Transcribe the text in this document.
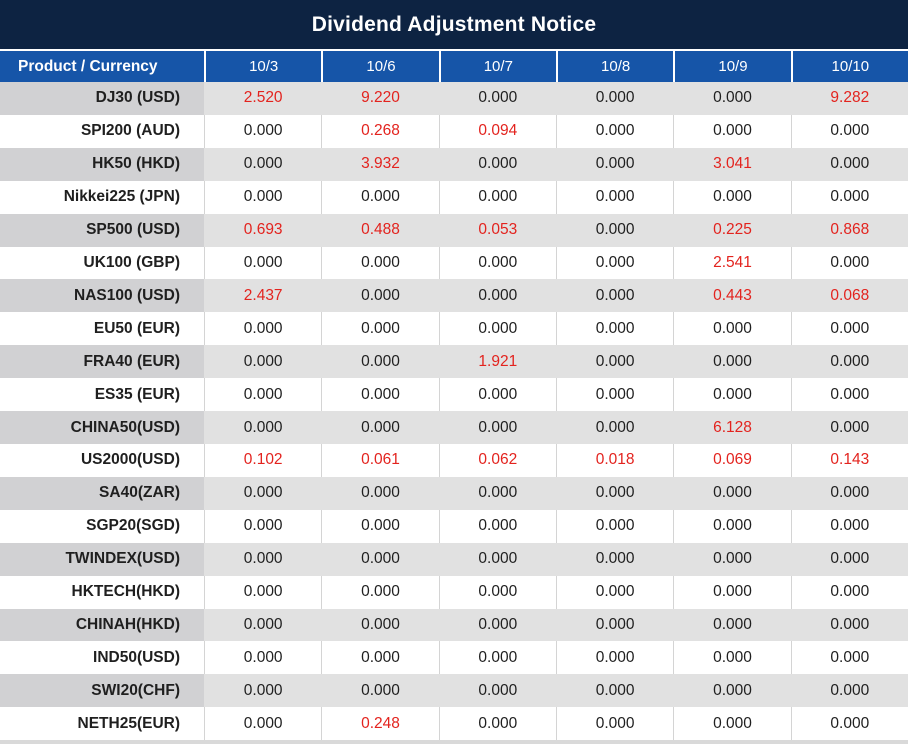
Dividend Adjustment Notice
Product / Currency	10/3	10/6	10/7	10/8	10/9	10/10
DJ30 (USD)	2.520	9.220	0.000	0.000	0.000	9.282
SPI200 (AUD)	0.000	0.268	0.094	0.000	0.000	0.000
HK50 (HKD)	0.000	3.932	0.000	0.000	3.041	0.000
Nikkei225 (JPN)	0.000	0.000	0.000	0.000	0.000	0.000
SP500 (USD)	0.693	0.488	0.053	0.000	0.225	0.868
UK100 (GBP)	0.000	0.000	0.000	0.000	2.541	0.000
NAS100 (USD)	2.437	0.000	0.000	0.000	0.443	0.068
EU50 (EUR)	0.000	0.000	0.000	0.000	0.000	0.000
FRA40 (EUR)	0.000	0.000	1.921	0.000	0.000	0.000
ES35 (EUR)	0.000	0.000	0.000	0.000	0.000	0.000
CHINA50(USD)	0.000	0.000	0.000	0.000	6.128	0.000
US2000(USD)	0.102	0.061	0.062	0.018	0.069	0.143
SA40(ZAR)	0.000	0.000	0.000	0.000	0.000	0.000
SGP20(SGD)	0.000	0.000	0.000	0.000	0.000	0.000
TWINDEX(USD)	0.000	0.000	0.000	0.000	0.000	0.000
HKTECH(HKD)	0.000	0.000	0.000	0.000	0.000	0.000
CHINAH(HKD)	0.000	0.000	0.000	0.000	0.000	0.000
IND50(USD)	0.000	0.000	0.000	0.000	0.000	0.000
SWI20(CHF)	0.000	0.000	0.000	0.000	0.000	0.000
NETH25(EUR)	0.000	0.248	0.000	0.000	0.000	0.000
